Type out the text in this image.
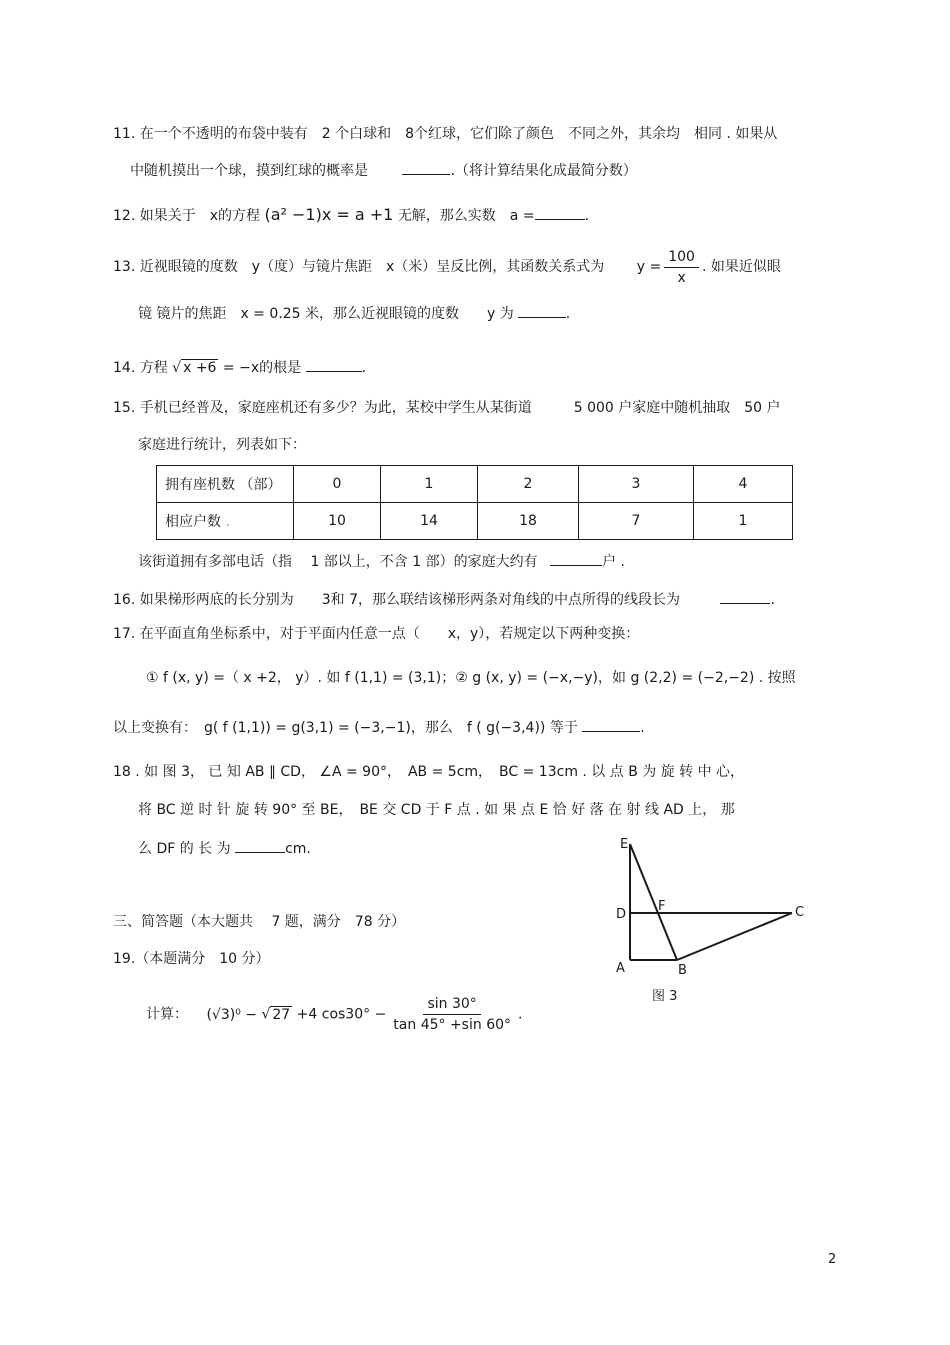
11. 在一个不透明的布袋中装有　2 个白球和　8个红球，它们除了颜色　不同之外，其余均　相同 . 如果从
中随机摸出一个球，摸到红球的概率是	.（将计算结果化成最简分数）
12. 如果关于　x的方程 (a² −1)x = a +1 无解，那么实数　a =	.
13. 近视眼镜的度数　y（度）与镜片焦距　x（米）呈反比例，其函数关系式为 $y = \frac{100}{x}$ . 如果近似眼
镜 镜片的焦距　x = 0.25 米，那么近视眼镜的度数　　y 为	.
14. 方程 √ x +6 = −x的根是	.
15. 手机已经普及，家庭座机还有多少？为此，某校中学生从某街道　　　5 000 户家庭中随机抽取　50 户
家庭进行统计，列表如下：
拥有座机数 （部）	0	1	2	3	4
相应户数 .	10	14	18	7	1
该街道拥有多部电话（指　 1 部以上，不含 1 部）的家庭大约有	户 .
16. 如果梯形两底的长分别为　　3和 7，那么联结该梯形两条对角线的中点所得的线段长为	.
17. 在平面直角坐标系中，对于平面内任意一点（　　x，y），若规定以下两种变换：
① f (x, y) =（ x +2， y）. 如 f (1,1) = (3,1)；② g (x, y) = (−x,−y)，如 g (2,2) = (−2,−2) . 按照
以上变换有：　g( f (1,1)) = g(3,1) = (−3,−1)，那么　f ( g(−3,4)) 等于	.
18 . 如 图 3， 已 知 AB ∥ CD， ∠A = 90°，　AB = 5cm，　BC = 13cm . 以 点 B 为 旋 转 中 心，
将 BC 逆 时 针 旋 转 90° 至 BE，　BE 交 CD 于 F 点 . 如 果 点 E 恰 好 落 在 射 线 AD 上， 那
么 DF 的 长 为	cm.	E
F
D	C
A	B
图 3
三、简答题（本大题共　 7 题，满分　78 分）
19.（本题满分　10 分）
计算： (√3)⁰ − √ 27 +4 $\cos 30^\circ - \frac{\sin 30^\circ}{\tan 45^\circ +\sin 60^\circ}$ .
2
